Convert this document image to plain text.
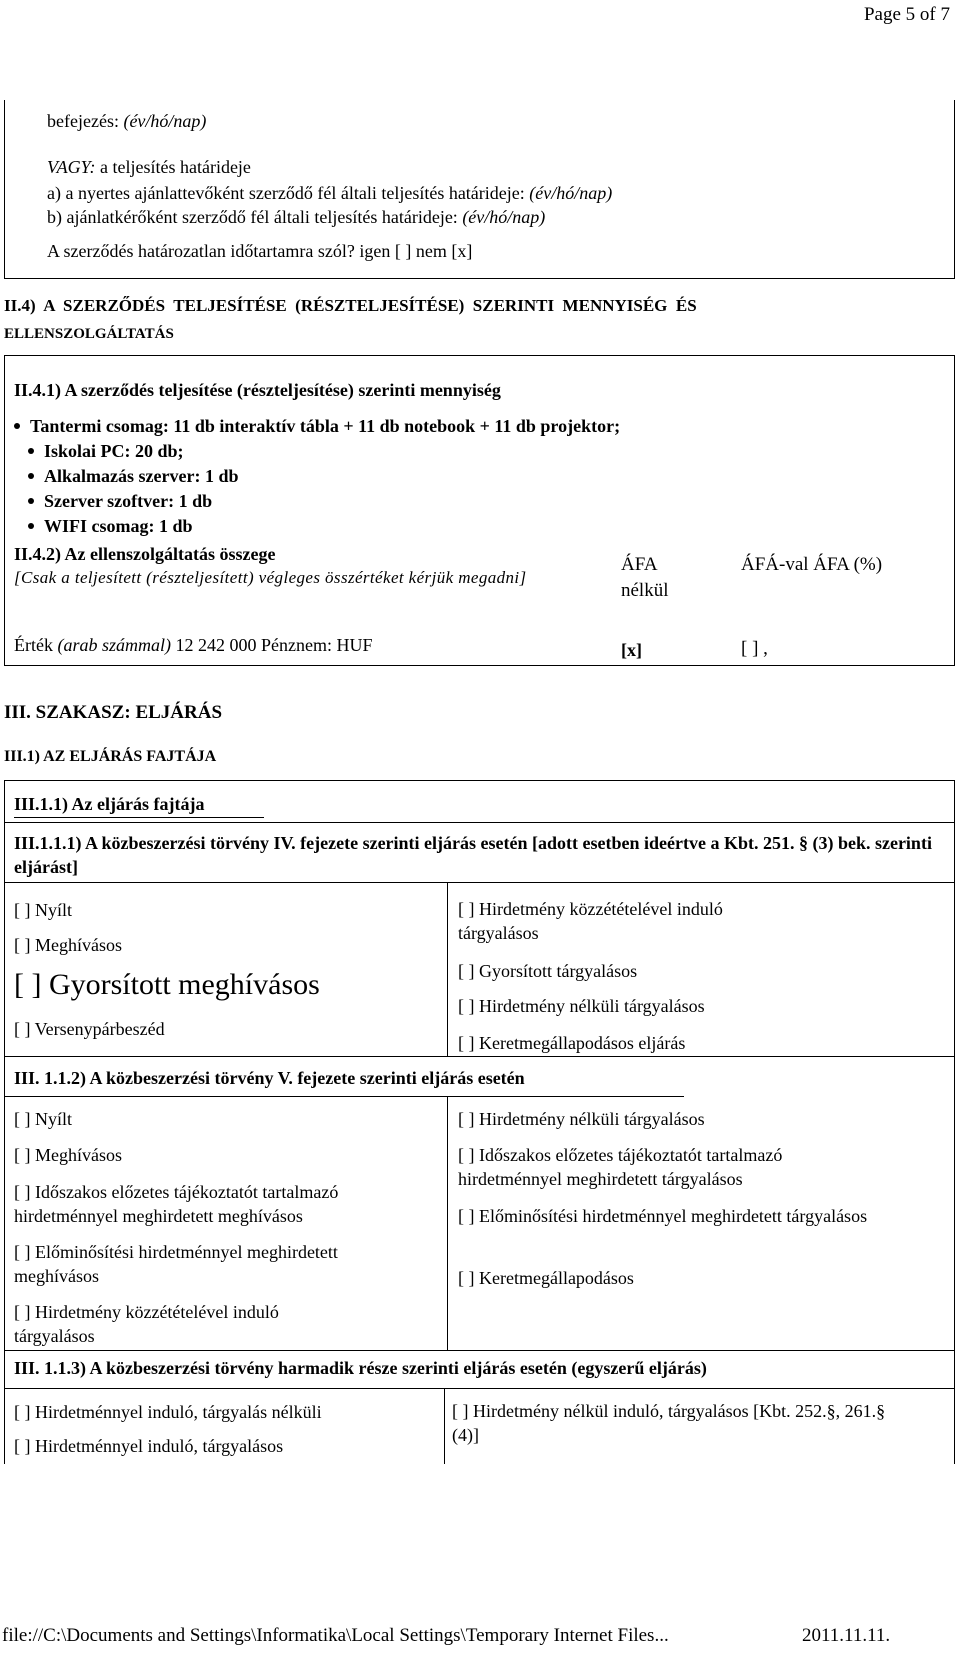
Page 5 of 7
befejezés: (év/hó/nap)
VAGY: a teljesítés határideje
a) a nyertes ajánlattevőként szerződő fél általi teljesítés határideje: (év/hó/nap)
b) ajánlatkérőként szerződő fél általi teljesítés határideje: (év/hó/nap)
A szerződés határozatlan időtartamra szól? igen [ ] nem [x]
II.4)  A  SZERZŐDÉS  TELJESÍTÉSE  (RÉSZTELJESÍTÉSE)  SZERINTI  MENNYISÉG  ÉS
ELLENSZOLGÁLTATÁS
II.4.1) A szerződés teljesítése (részteljesítése) szerinti mennyiség
Tantermi csomag: 11 db interaktív tábla + 11 db notebook + 11 db projektor;
Iskolai PC: 20 db;
Alkalmazás szerver: 1 db
Szerver szoftver: 1 db
WIFI csomag: 1 db
II.4.2) Az ellenszolgáltatás összege
[Csak a teljesített (részteljesített) végleges összértéket kérjük megadni]
ÁFA nélkül
ÁFÁ-val ÁFA (%)
Érték (arab számmal) 12 242 000 Pénznem: HUF	[x]	[ ] ,
III. SZAKASZ: ELJÁRÁS
III.1) AZ ELJÁRÁS FAJTÁJA
III.1.1) Az eljárás fajtája
III.1.1.1) A közbeszerzési törvény IV. fejezete szerinti eljárás esetén [adott esetben ideértve a Kbt. 251. § (3) bek. szerinti eljárást]
[ ] Nyílt
[ ] Meghívásos
[ ] Gyorsított meghívásos
[ ] Versenypárbeszéd
[ ] Hirdetmény közzétételével induló tárgyalásos
[ ] Gyorsított tárgyalásos
[ ] Hirdetmény nélküli tárgyalásos
[ ] Keretmegállapodásos eljárás
III. 1.1.2) A közbeszerzési törvény V. fejezete szerinti eljárás esetén
[ ] Nyílt
[ ] Meghívásos
[ ] Időszakos előzetes tájékoztatót tartalmazó hirdetménnyel meghirdetett meghívásos
[ ] Előminősítési hirdetménnyel meghirdetett meghívásos
[ ] Hirdetmény közzétételével induló tárgyalásos
[ ] Hirdetmény nélküli tárgyalásos
[ ] Időszakos előzetes tájékoztatót tartalmazó hirdetménnyel meghirdetett tárgyalásos
[ ] Előminősítési hirdetménnyel meghirdetett tárgyalásos
[ ] Keretmegállapodásos
III. 1.1.3) A közbeszerzési törvény harmadik része szerinti eljárás esetén (egyszerű eljárás)
[ ] Hirdetménnyel induló, tárgyalás nélküli
[ ] Hirdetménnyel induló, tárgyalásos
[ ] Hirdetmény nélkül induló, tárgyalásos [Kbt. 252.§, 261.§ (4)]
file://C:\Documents and Settings\Informatika\Local Settings\Temporary Internet Files...	2011.11.11.
